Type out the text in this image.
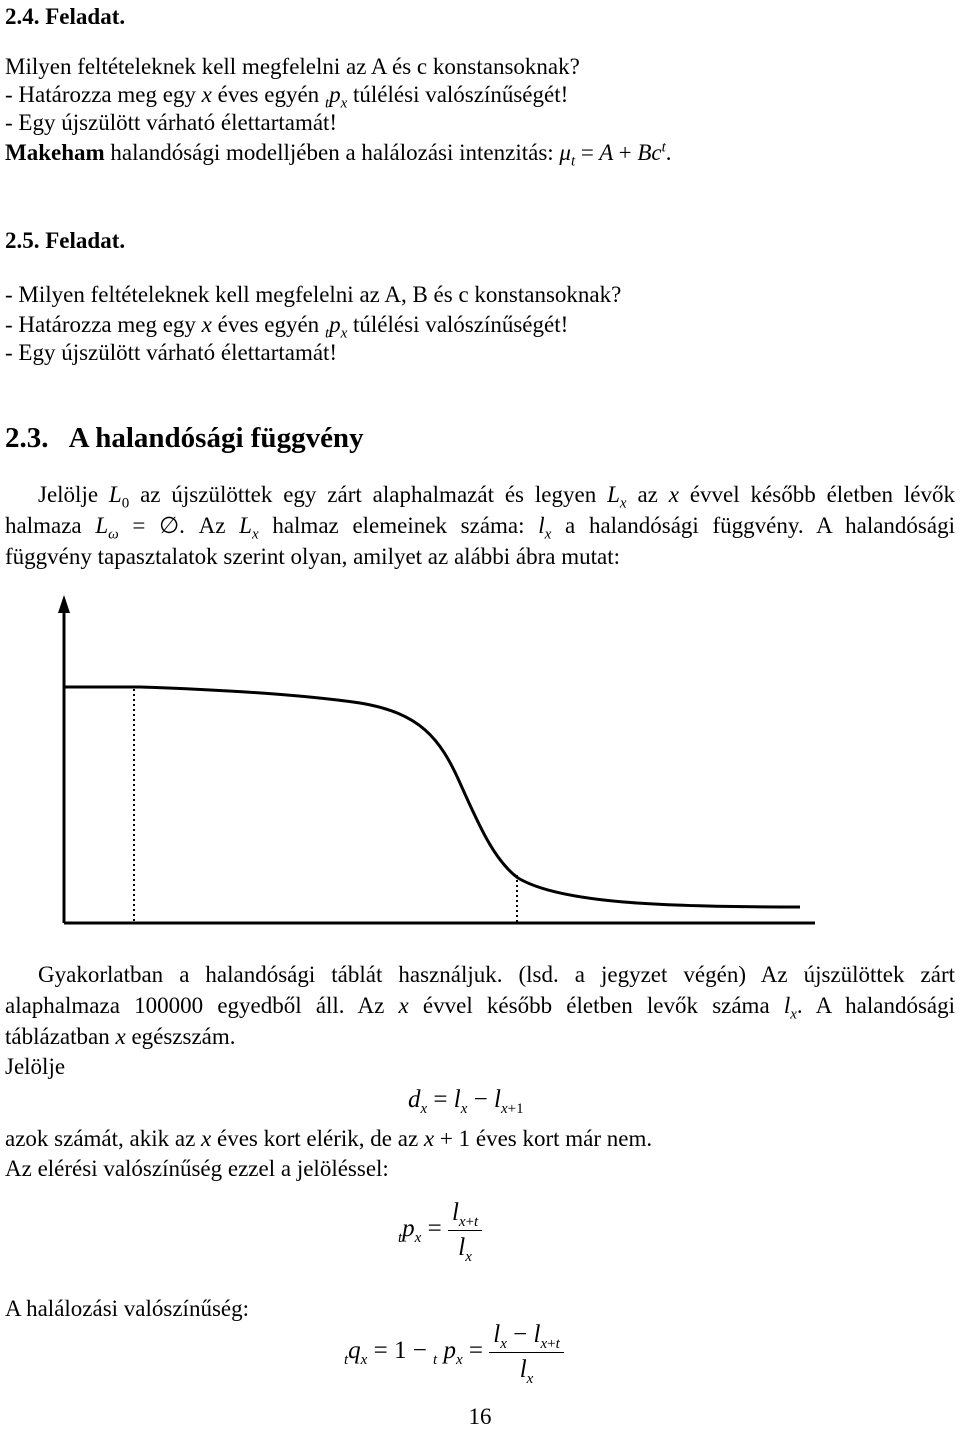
2.4. Feladat.
Milyen feltételeknek kell megfelelni az A és c konstansoknak?
- Határozza meg egy x éves egyén $_tp_x$ túlélési valószínűségét!
- Egy újszülött várható élettartamát!
Makeham halandósági modelljében a halálozási intenzitás: $\mu_t = A + Bc^t$.
2.5. Feladat.
- Milyen feltételeknek kell megfelelni az A, B és c konstansoknak?
- Határozza meg egy x éves egyén $_tp_x$ túlélési valószínűségét!
- Egy újszülött várható élettartamát!
2.3.   A halandósági függvény
Jelölje $L_0$ az újszülöttek egy zárt alaphalmazát és legyen $L_x$ az x évvel később életben lévők
halmaza $L_\omega$ = ∅. Az $L_x$ halmaz elemeinek száma: $l_x$ a halandósági függvény. A halandósági
függvény tapasztalatok szerint olyan, amilyet az alábbi ábra mutat:
Gyakorlatban a halandósági táblát használjuk. (lsd. a jegyzet végén) Az újszülöttek zárt
alaphalmaza 100000 egyedből áll. Az x évvel később életben levők száma $l_x$. A halandósági
táblázatban x egészszám.
Jelölje
$d_x = l_x - l_{x+1}$
azok számát, akik az x éves kort elérik, de az x + 1 éves kort már nem.
Az elérési valószínűség ezzel a jelöléssel:
$_tp_x = \frac{l_{x+t}}{l_x}$
A halálozási valószínűség:
$_tq_x = 1 - _t$ $p_x = \frac{l_x - l_{x+t}}{l_x}$
16
